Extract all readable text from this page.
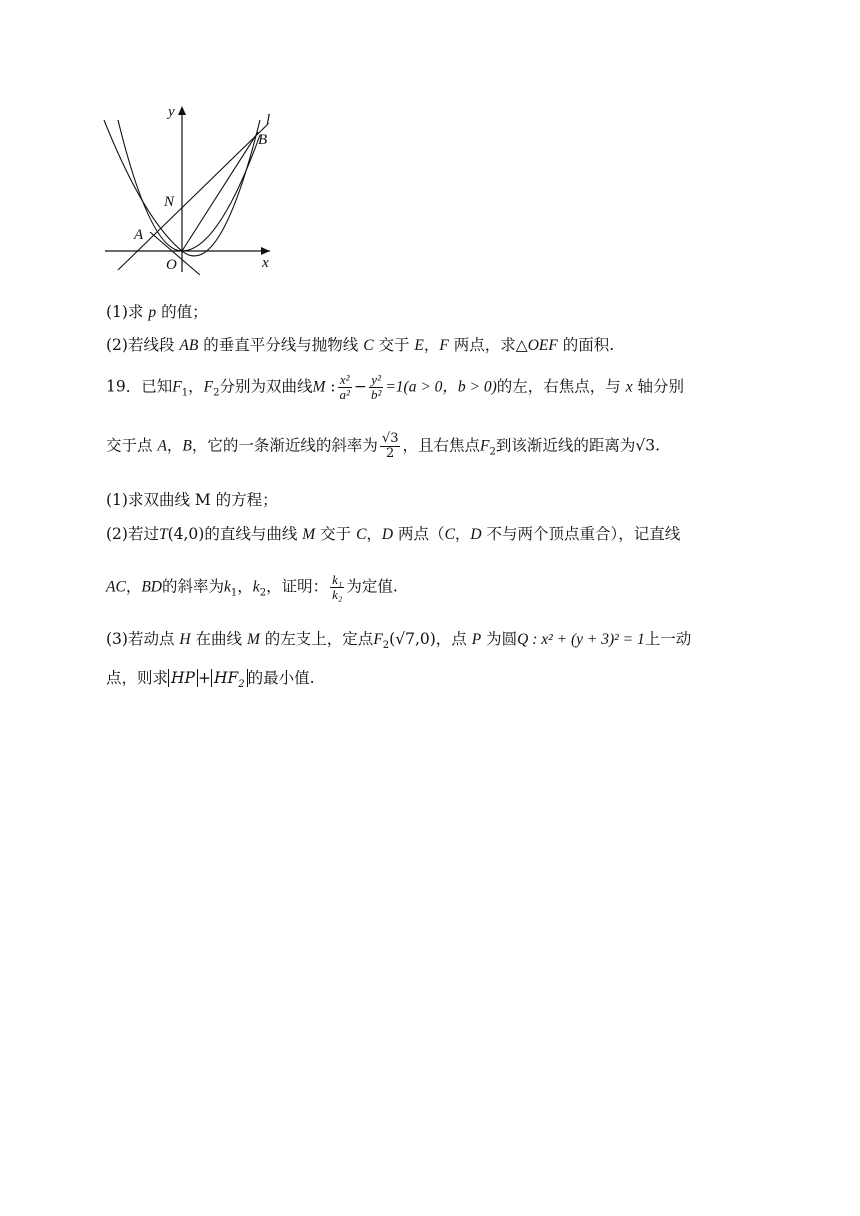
y
x
l
B
N
A
O
(1)求 p 的值；
(2)若线段 AB 的垂直平分线与抛物线 C 交于 E，F 两点，求△OEF 的面积.
19．已知$F_1$，$F_2$分别为双曲线M : $\frac{\text{x²}}{\text{a²}} - \frac{\text{y²}}{\text{b²}} =1(a > 0$，b > 0)的左，右焦点，与 x 轴分别
交于点 A，B，它的一条渐近线的斜率为 $\frac{√3}{2}$ ，且右焦点$F_2$到该渐近线的距离为√3.
(1)求双曲线 M 的方程；
(2)若过T(4,0)的直线与曲线 M 交于 C，D 两点（C，D 不与两个顶点重合），记直线
AC，BD的斜率为$k_1$，$k_2$，证明： $\frac{\text{k₁}}{\text{k₂}}$ 为定值.
(3)若动点 H 在曲线 M 的左支上，定点$F_2(√7,0)$，点 P 为圆Q : x² + (y + 3)² = 1上一动
点，则求 HP + $HF_2$ 的最小值.
